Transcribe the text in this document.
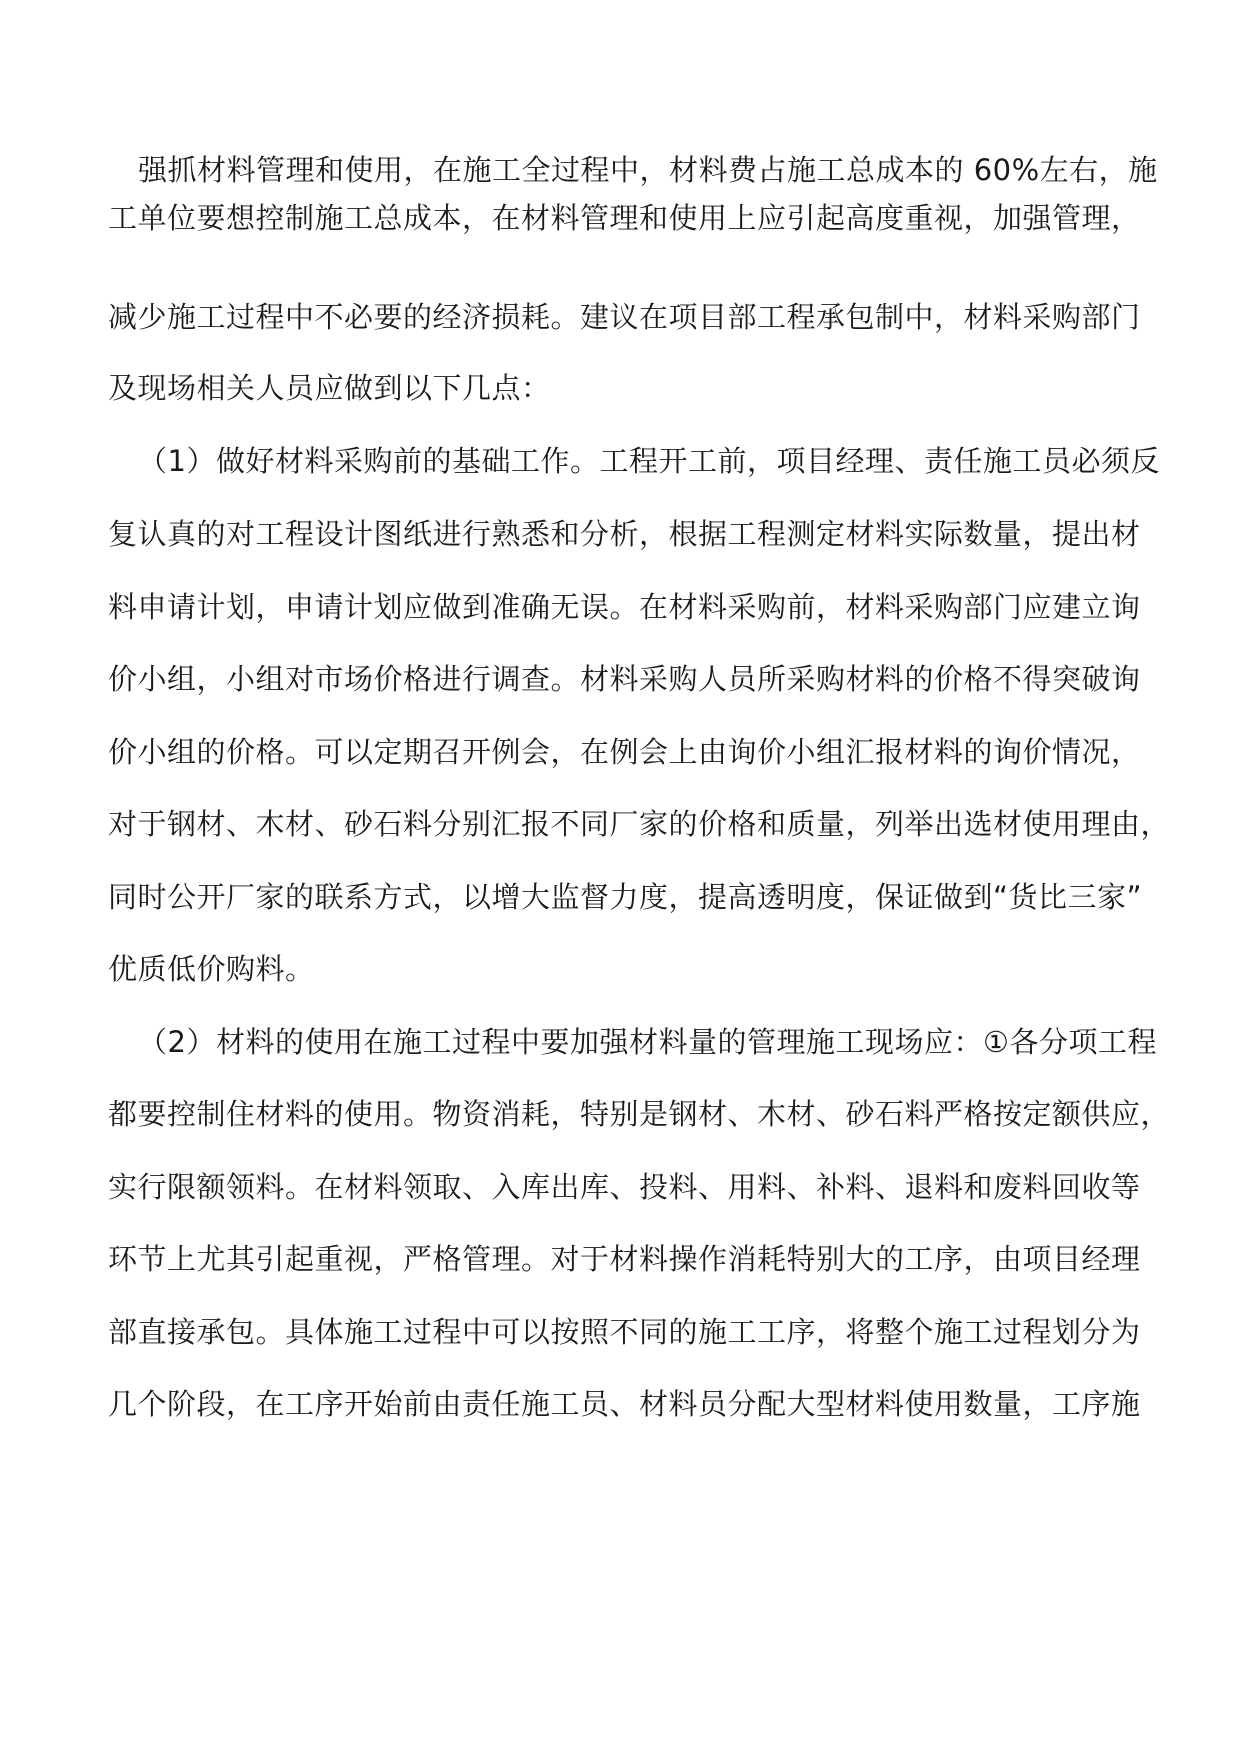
强抓材料管理和使用，在施工全过程中，材料费占施工总成本的 60%左右，施
工单位要想控制施工总成本，在材料管理和使用上应引起高度重视，加强管理，
减少施工过程中不必要的经济损耗。建议在项目部工程承包制中，材料采购部门
及现场相关人员应做到以下几点：
（1）做好材料采购前的基础工作。工程开工前，项目经理、责任施工员必须反
复认真的对工程设计图纸进行熟悉和分析，根据工程测定材料实际数量，提出材
料申请计划，申请计划应做到准确无误。在材料采购前，材料采购部门应建立询
价小组，小组对市场价格进行调查。材料采购人员所采购材料的价格不得突破询
价小组的价格。可以定期召开例会，在例会上由询价小组汇报材料的询价情况，
对于钢材、木材、砂石料分别汇报不同厂家的价格和质量，列举出选材使用理由，
同时公开厂家的联系方式，以增大监督力度，提高透明度，保证做到“货比三家”
优质低价购料。
（2）材料的使用在施工过程中要加强材料量的管理施工现场应：①各分项工程
都要控制住材料的使用。物资消耗，特别是钢材、木材、砂石料严格按定额供应，
实行限额领料。在材料领取、入库出库、投料、用料、补料、退料和废料回收等
环节上尤其引起重视，严格管理。对于材料操作消耗特别大的工序，由项目经理
部直接承包。具体施工过程中可以按照不同的施工工序，将整个施工过程划分为
几个阶段，在工序开始前由责任施工员、材料员分配大型材料使用数量，工序施
